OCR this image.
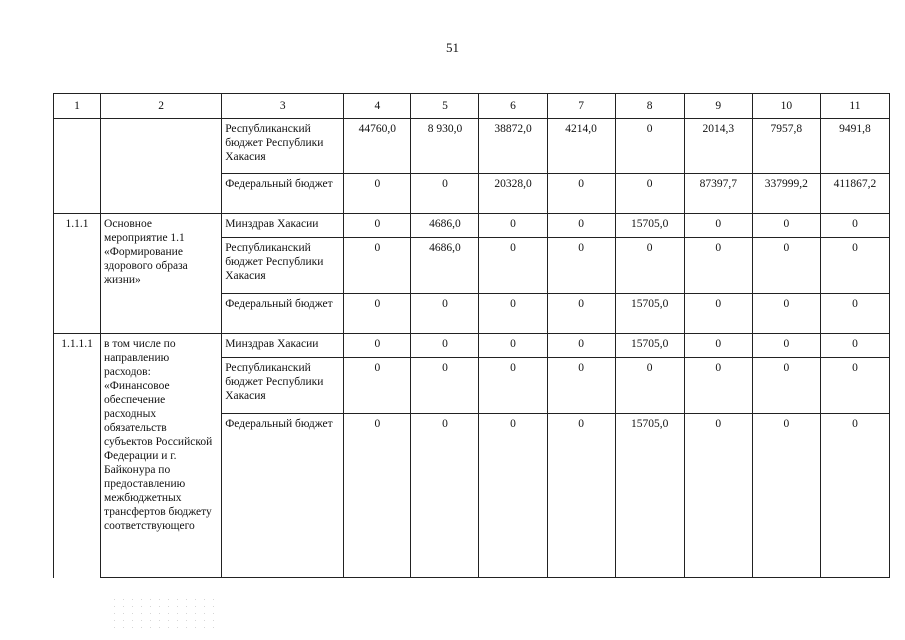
51
1	2	3	4	5	6	7	8	9	10	11
		Республиканский бюджет Республики Хакасия	44760,0	8 930,0	38872,0	4214,0	0	2014,3	7957,8	9491,8
		Федеральный бюджет	0	0	20328,0	0	0	87397,7	337999,2	411867,2
1.1.1	Основное мероприятие 1.1 «Формирование здорового образа жизни»	Минздрав Хакасии	0	4686,0	0	0	15705,0	0	0	0
		Республиканский бюджет Республики Хакасия	0	4686,0	0	0	0	0	0	0
		Федеральный бюджет	0	0	0	0	15705,0	0	0	0
1.1.1.1	в том числе по направлению расходов: «Финансовое обеспечение расходных обязательств субъектов Российской Федерации и г. Байконура по предоставлению межбюджетных трансфертов бюджету соответствующего	Минздрав Хакасии	0	0	0	0	15705,0	0	0	0
		Республиканский бюджет Республики Хакасия	0	0	0	0	0	0	0	0
		Федеральный бюджет	0	0	0	0	15705,0	0	0	0
